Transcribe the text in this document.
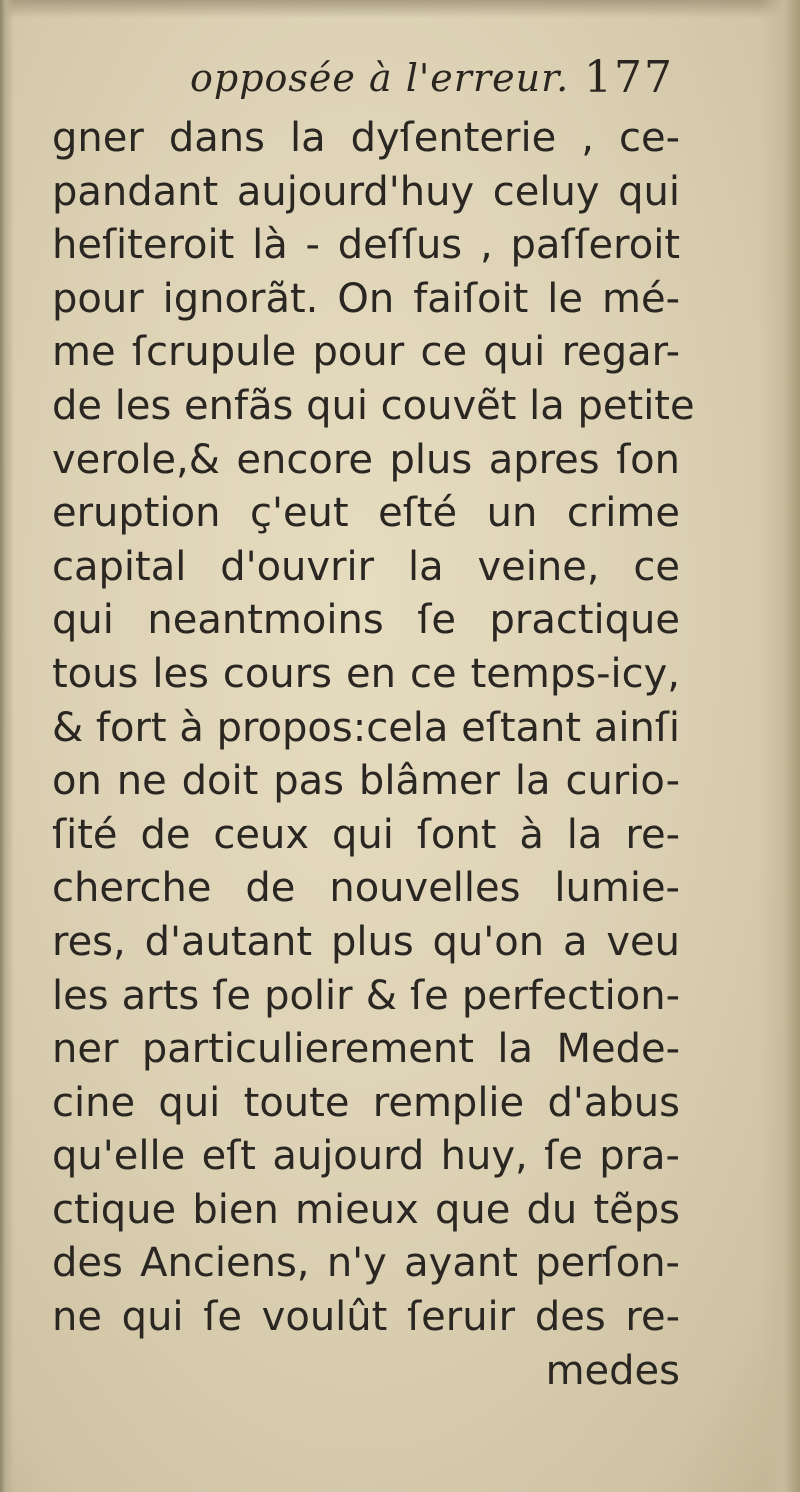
opposée à l'erreur. 177
gner dans la dyſenterie , ce-
pandant aujourd'huy celuy qui
heſiteroit là - deſſus , paſſeroit
pour ignorãt. On faiſoit le mé-
me ſcrupule pour ce qui regar-
de les enfãs qui couvẽt la petite
verole,& encore plus apres ſon
eruption ç'eut eſté un crime
capital d'ouvrir la veine, ce
qui neantmoins ſe practique
tous les cours en ce temps-icy,
& fort à propos:cela eſtant ainſi
on ne doit pas blâmer la curio-
ſité de ceux qui ſont à la re-
cherche de nouvelles lumie-
res, d'autant plus qu'on a veu
les arts ſe polir & ſe perfection-
ner particulierement la Mede-
cine qui toute remplie d'abus
qu'elle eſt aujourd huy, ſe pra-
ctique bien mieux que du tẽps
des Anciens, n'y ayant perſon-
ne qui ſe voulût ſeruir des re-
medes
